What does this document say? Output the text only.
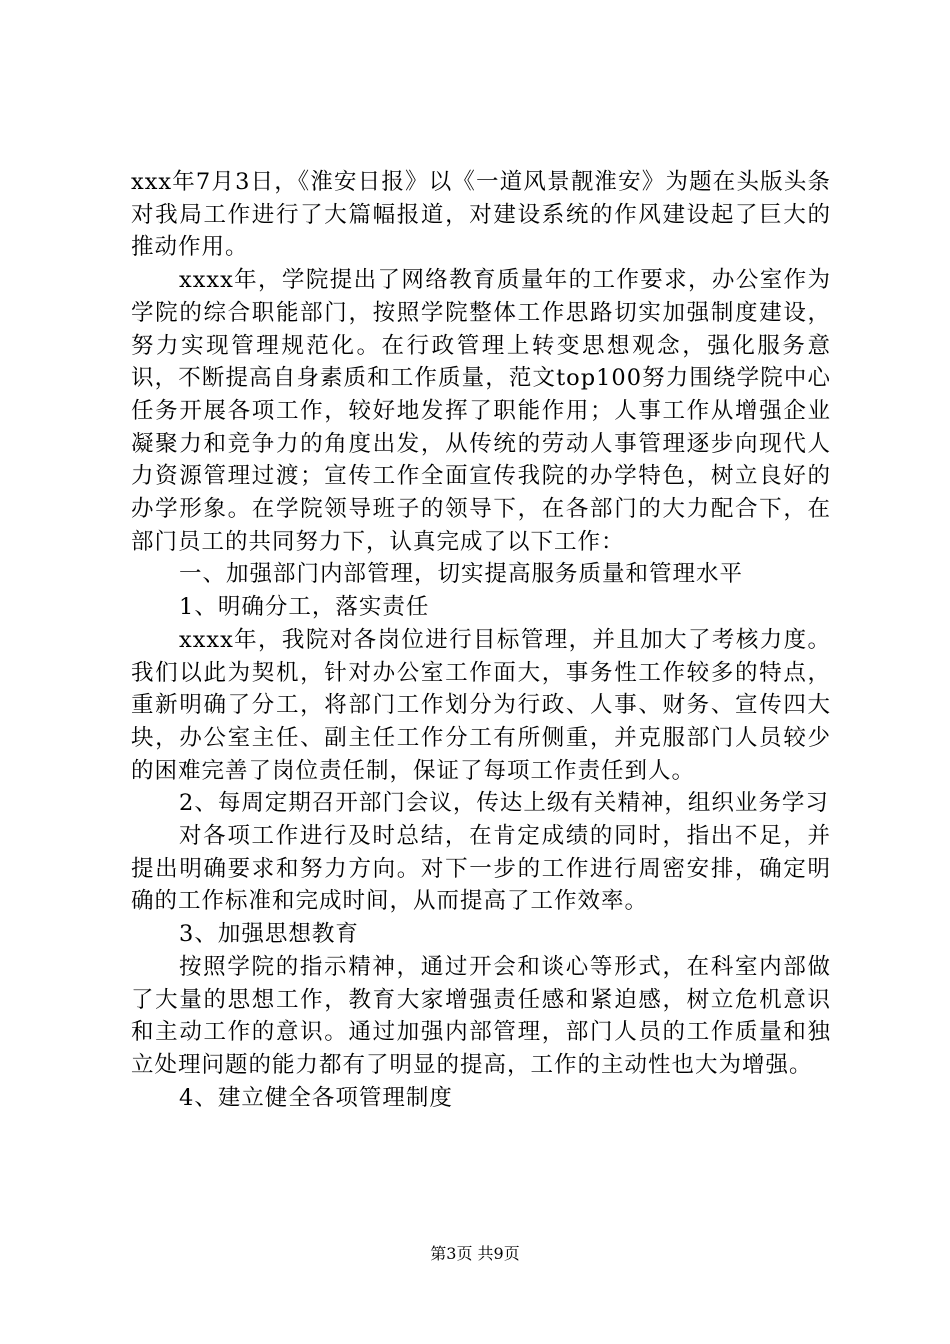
xxx年7月3日，《淮安日报》以《一道风景靓淮安》为题在头版头条对我局工作进行了大篇幅报道，对建设系统的作风建设起了巨大的推动作用。

xxxx年，学院提出了网络教育质量年的工作要求，办公室作为学院的综合职能部门，按照学院整体工作思路切实加强制度建设，努力实现管理规范化。在行政管理上转变思想观念，强化服务意识，不断提高自身素质和工作质量，范文top100努力围绕学院中心任务开展各项工作，较好地发挥了职能作用；人事工作从增强企业凝聚力和竞争力的角度出发，从传统的劳动人事管理逐步向现代人力资源管理过渡；宣传工作全面宣传我院的办学特色，树立良好的办学形象。在学院领导班子的领导下，在各部门的大力配合下，在部门员工的共同努力下，认真完成了以下工作：

一、加强部门内部管理，切实提高服务质量和管理水平

1、明确分工，落实责任

xxxx年，我院对各岗位进行目标管理，并且加大了考核力度。我们以此为契机，针对办公室工作面大，事务性工作较多的特点，重新明确了分工，将部门工作划分为行政、人事、财务、宣传四大块，办公室主任、副主任工作分工有所侧重，并克服部门人员较少的困难完善了岗位责任制，保证了每项工作责任到人。

2、每周定期召开部门会议，传达上级有关精神，组织业务学习

对各项工作进行及时总结，在肯定成绩的同时，指出不足，并提出明确要求和努力方向。对下一步的工作进行周密安排，确定明确的工作标准和完成时间，从而提高了工作效率。

3、加强思想教育

按照学院的指示精神，通过开会和谈心等形式，在科室内部做了大量的思想工作，教育大家增强责任感和紧迫感，树立危机意识和主动工作的意识。通过加强内部管理，部门人员的工作质量和独立处理问题的能力都有了明显的提高，工作的主动性也大为增强。

4、建立健全各项管理制度

第3页 共9页
